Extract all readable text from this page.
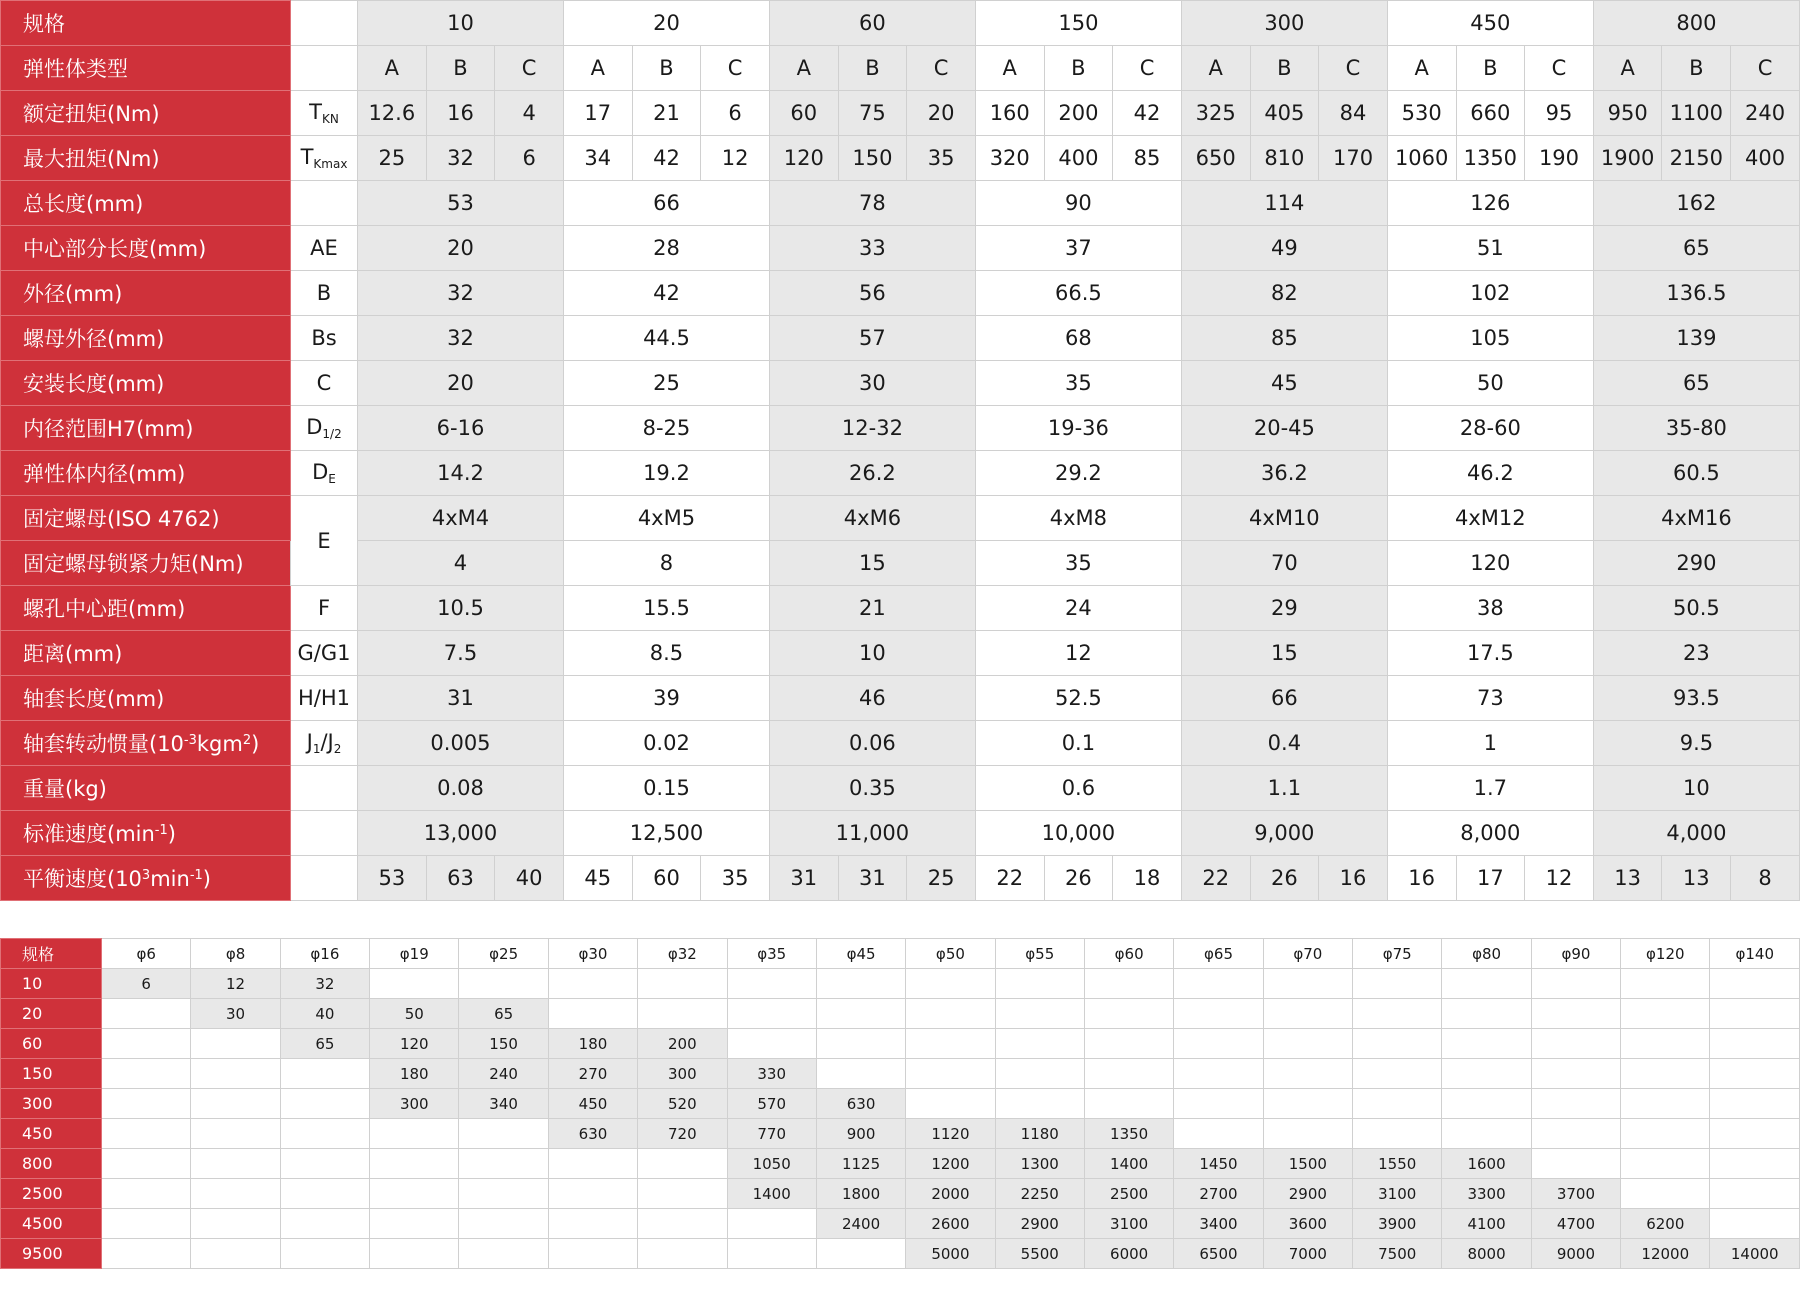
规格		10			20			60			150			300			450			800		
弹性体类型		A	B	C	A	B	C	A	B	C	A	B	C	A	B	C	A	B	C	A	B	C
额定扭矩(Nm)	$T_{KN}$	12.6	16	4	17	21	6	60	75	20	160	200	42	325	405	84	530	660	95	950	1100	240
最大扭矩(Nm)	$T_{Kmax}$	25	32	6	34	42	12	120	150	35	320	400	85	650	810	170	1060	1350	190	1900	2150	400
总长度(mm)		53			66			78			90			114			126			162		
中心部分长度(mm)	AE	20			28			33			37			49			51			65		
外径(mm)	B	32			42			56			66.5			82			102			136.5		
螺母外径(mm)	Bs	32			44.5			57			68			85			105			139		
安装长度(mm)	C	20			25			30			35			45			50			65		
内径范围H7(mm)	$D_{1/2}$	6-16			8-25			12-32			19-36			20-45			28-60			35-80		
弹性体内径(mm)	$D_E$	14.2			19.2			26.2			29.2			36.2			46.2			60.5		
固定螺母(ISO 4762)	E	4xM4			4xM5			4xM6			4xM8			4xM10			4xM12			4xM16		
固定螺母锁紧力矩(Nm)		4			8			15			35			70			120			290		
螺孔中心距(mm)	F	10.5			15.5			21			24			29			38			50.5		
距离(mm)	G/G1	7.5			8.5			10			12			15			17.5			23		
轴套长度(mm)	H/H1	31			39			46			52.5			66			73			93.5		
轴套转动惯量$(10^{-3}kgm^2)$	$J_1/J_2$	0.005			0.02			0.06			0.1			0.4			1			9.5		
重量(kg)		0.08			0.15			0.35			0.6			1.1			1.7			10		
标准速度$(\min^{-1})$		13,000			12,500			11,000			10,000			9,000			8,000			4,000		
平衡速度$(10^3\min^{-1})$		53	63	40	45	60	35	31	31	25	22	26	18	22	26	16	16	17	12	13	13	8
规格	φ6	φ8	φ16	φ19	φ25	φ30	φ32	φ35	φ45	φ50	φ55	φ60	φ65	φ70	φ75	φ80	φ90	φ120	φ140
10	6	12	32																
20		30	40	50	65														
60			65	120	150	180	200												
150				180	240	270	300	330											
300				300	340	450	520	570	630										
450						630	720	770	900	1120	1180	1350							
800								1050	1125	1200	1300	1400	1450	1500	1550	1600			
2500								1400	1800	2000	2250	2500	2700	2900	3100	3300	3700		
4500									2400	2600	2900	3100	3400	3600	3900	4100	4700	6200	
9500										5000	5500	6000	6500	7000	7500	8000	9000	12000	14000
